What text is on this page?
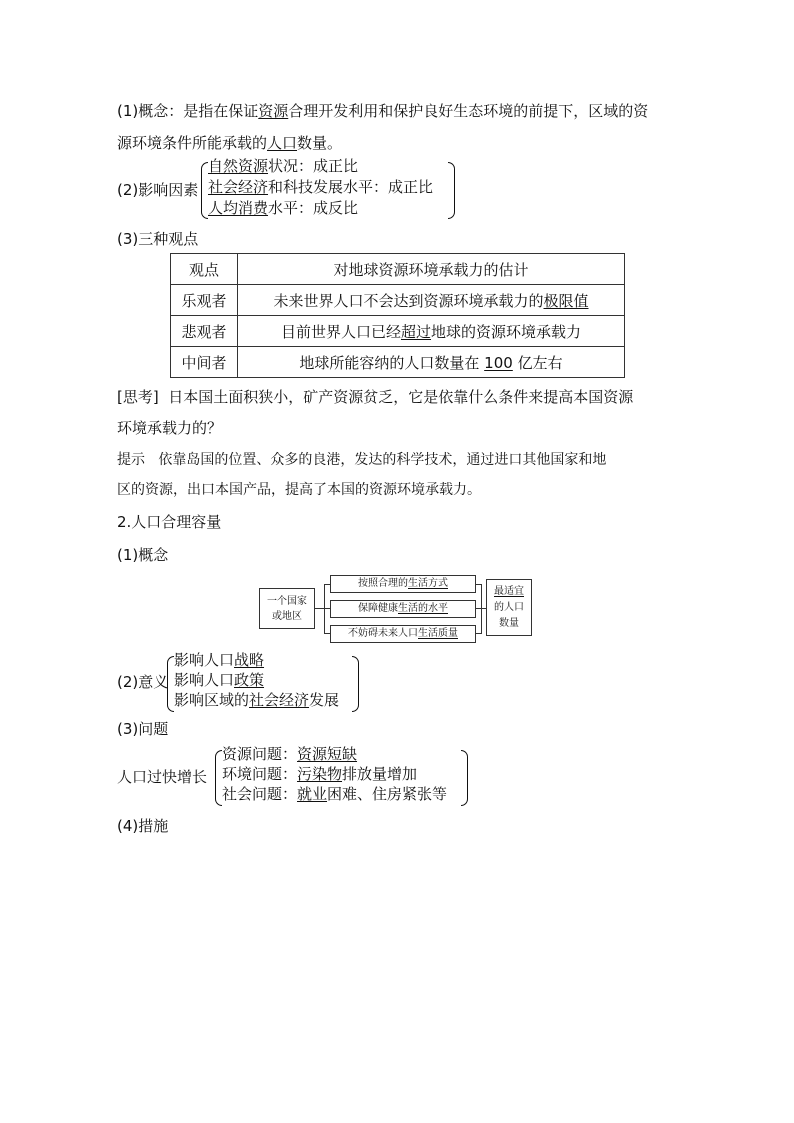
(1)概念：是指在保证资源合理开发利用和保护良好生态环境的前提下，区域的资
源环境条件所能承载的人口数量。
(2)影响因素
自然资源状况：成正比
社会经济和科技发展水平：成正比
人均消费水平：成反比
(3)三种观点
观点	对地球资源环境承载力的估计
乐观者	未来世界人口不会达到资源环境承载力的极限值
悲观者	目前世界人口已经超过地球的资源环境承载力
中间者	地球所能容纳的人口数量在 100 亿左右
[思考] 日本国土面积狭小，矿产资源贫乏，它是依靠什么条件来提高本国资源
环境承载力的？
提示 依靠岛国的位置、众多的良港，发达的科学技术，通过进口其他国家和地
区的资源，出口本国产品，提高了本国的资源环境承载力。
2.人口合理容量
(1)概念
一个国家
或地区
按照合理的生活方式
保障健康生活的水平
不妨碍未来人口生活质量
最适宜
的人口
数量
(2)意义
影响人口战略
影响人口政策
影响区域的社会经济发展
(3)问题
人口过快增长
资源问题：资源短缺
环境问题：污染物排放量增加
社会问题：就业困难、住房紧张等
(4)措施
